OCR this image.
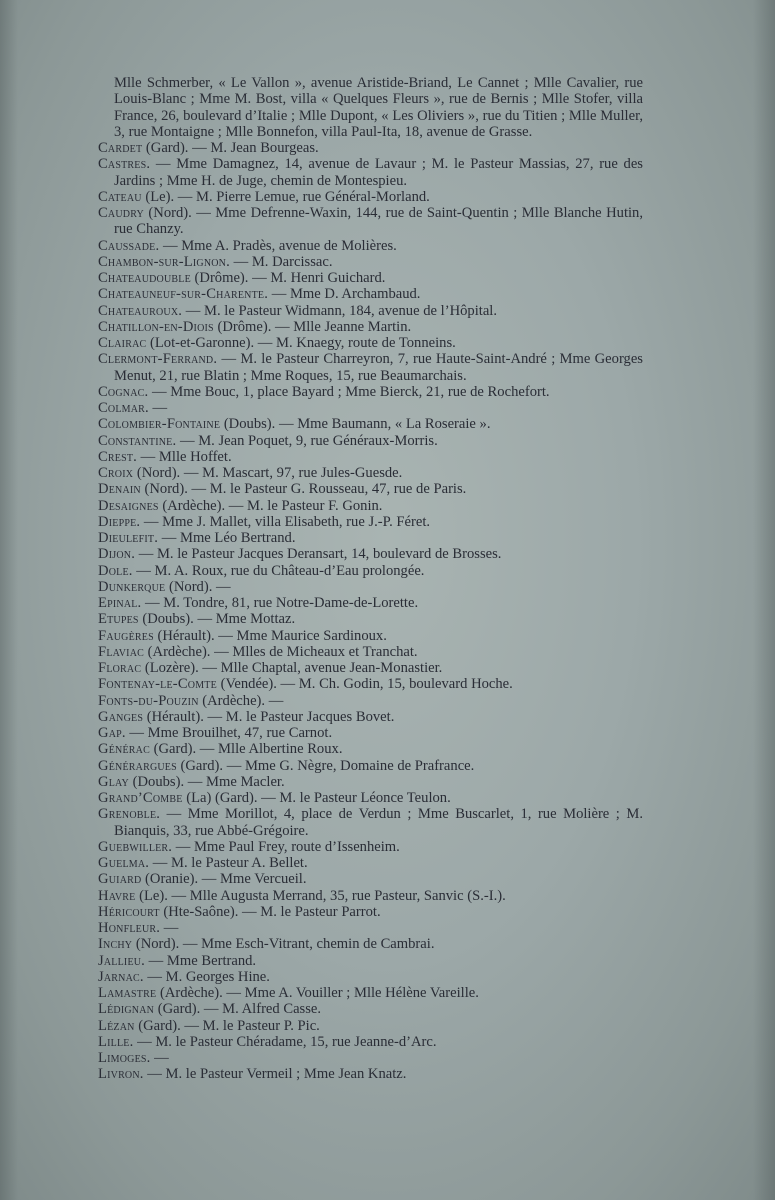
Mlle Schmerber, « Le Vallon », avenue Aristide-Briand, Le Cannet ; Mlle Cavalier, rue Louis-Blanc ; Mme M. Bost, villa « Quelques Fleurs », rue de Bernis ; Mlle Stofer, villa France, 26, boulevard d’Italie ; Mlle Dupont, « Les Oliviers », rue du Titien ; Mlle Muller, 3, rue Montaigne ; Mlle Bonnefon, villa Paul-Ita, 18, avenue de Grasse.

Cardet (Gard). — M. Jean Bourgeas.

Castres. — Mme Damagnez, 14, avenue de Lavaur ; M. le Pasteur Massias, 27, rue des Jardins ; Mme H. de Juge, chemin de Montespieu.

Cateau (Le). — M. Pierre Lemue, rue Général-Morland.

Caudry (Nord). — Mme Defrenne-Waxin, 144, rue de Saint-Quentin ; Mlle Blanche Hutin, rue Chanzy.

Caussade. — Mme A. Pradès, avenue de Molières.

Chambon-sur-Lignon. — M. Darcissac.

Chateaudouble (Drôme). — M. Henri Guichard.

Chateauneuf-sur-Charente. — Mme D. Archambaud.

Chateauroux. — M. le Pasteur Widmann, 184, avenue de l’Hôpital.

Chatillon-en-Diois (Drôme). — Mlle Jeanne Martin.

Clairac (Lot-et-Garonne). — M. Knaegy, route de Tonneins.

Clermont-Ferrand. — M. le Pasteur Charreyron, 7, rue Haute-Saint-André ; Mme Georges Menut, 21, rue Blatin ; Mme Roques, 15, rue Beaumarchais.

Cognac. — Mme Bouc, 1, place Bayard ; Mme Bierck, 21, rue de Rochefort.

Colmar. —

Colombier-Fontaine (Doubs). — Mme Baumann, « La Roseraie ».

Constantine. — M. Jean Poquet, 9, rue Généraux-Morris.

Crest. — Mlle Hoffet.

Croix (Nord). — M. Mascart, 97, rue Jules-Guesde.

Denain (Nord). — M. le Pasteur G. Rousseau, 47, rue de Paris.

Desaignes (Ardèche). — M. le Pasteur F. Gonin.

Dieppe. — Mme J. Mallet, villa Elisabeth, rue J.-P. Féret.

Dieulefit. — Mme Léo Bertrand.

Dijon. — M. le Pasteur Jacques Deransart, 14, boulevard de Brosses.

Dole. — M. A. Roux, rue du Château-d’Eau prolongée.

Dunkerque (Nord). —

Epinal. — M. Tondre, 81, rue Notre-Dame-de-Lorette.

Etupes (Doubs). — Mme Mottaz.

Faugères (Hérault). — Mme Maurice Sardinoux.

Flaviac (Ardèche). — Mlles de Micheaux et Tranchat.

Florac (Lozère). — Mlle Chaptal, avenue Jean-Monastier.

Fontenay-le-Comte (Vendée). — M. Ch. Godin, 15, boulevard Hoche.

Fonts-du-Pouzin (Ardèche). —

Ganges (Hérault). — M. le Pasteur Jacques Bovet.

Gap. — Mme Brouilhet, 47, rue Carnot.

Générac (Gard). — Mlle Albertine Roux.

Générargues (Gard). — Mme G. Nègre, Domaine de Prafrance.

Glay (Doubs). — Mme Macler.

Grand’Combe (La) (Gard). — M. le Pasteur Léonce Teulon.

Grenoble. — Mme Morillot, 4, place de Verdun ; Mme Buscarlet, 1, rue Molière ; M. Bianquis, 33, rue Abbé-Grégoire.

Guebwiller. — Mme Paul Frey, route d’Issenheim.

Guelma. — M. le Pasteur A. Bellet.

Guiard (Oranie). — Mme Vercueil.

Havre (Le). — Mlle Augusta Merrand, 35, rue Pasteur, Sanvic (S.-I.).

Héricourt (Hte-Saône). — M. le Pasteur Parrot.

Honfleur. —

Inchy (Nord). — Mme Esch-Vitrant, chemin de Cambrai.

Jallieu. — Mme Bertrand.

Jarnac. — M. Georges Hine.

Lamastre (Ardèche). — Mme A. Vouiller ; Mlle Hélène Vareille.

Lédignan (Gard). — M. Alfred Casse.

Lézan (Gard). — M. le Pasteur P. Pic.

Lille. — M. le Pasteur Chéradame, 15, rue Jeanne-d’Arc.

Limoges. —

Livron. — M. le Pasteur Vermeil ; Mme Jean Knatz.
